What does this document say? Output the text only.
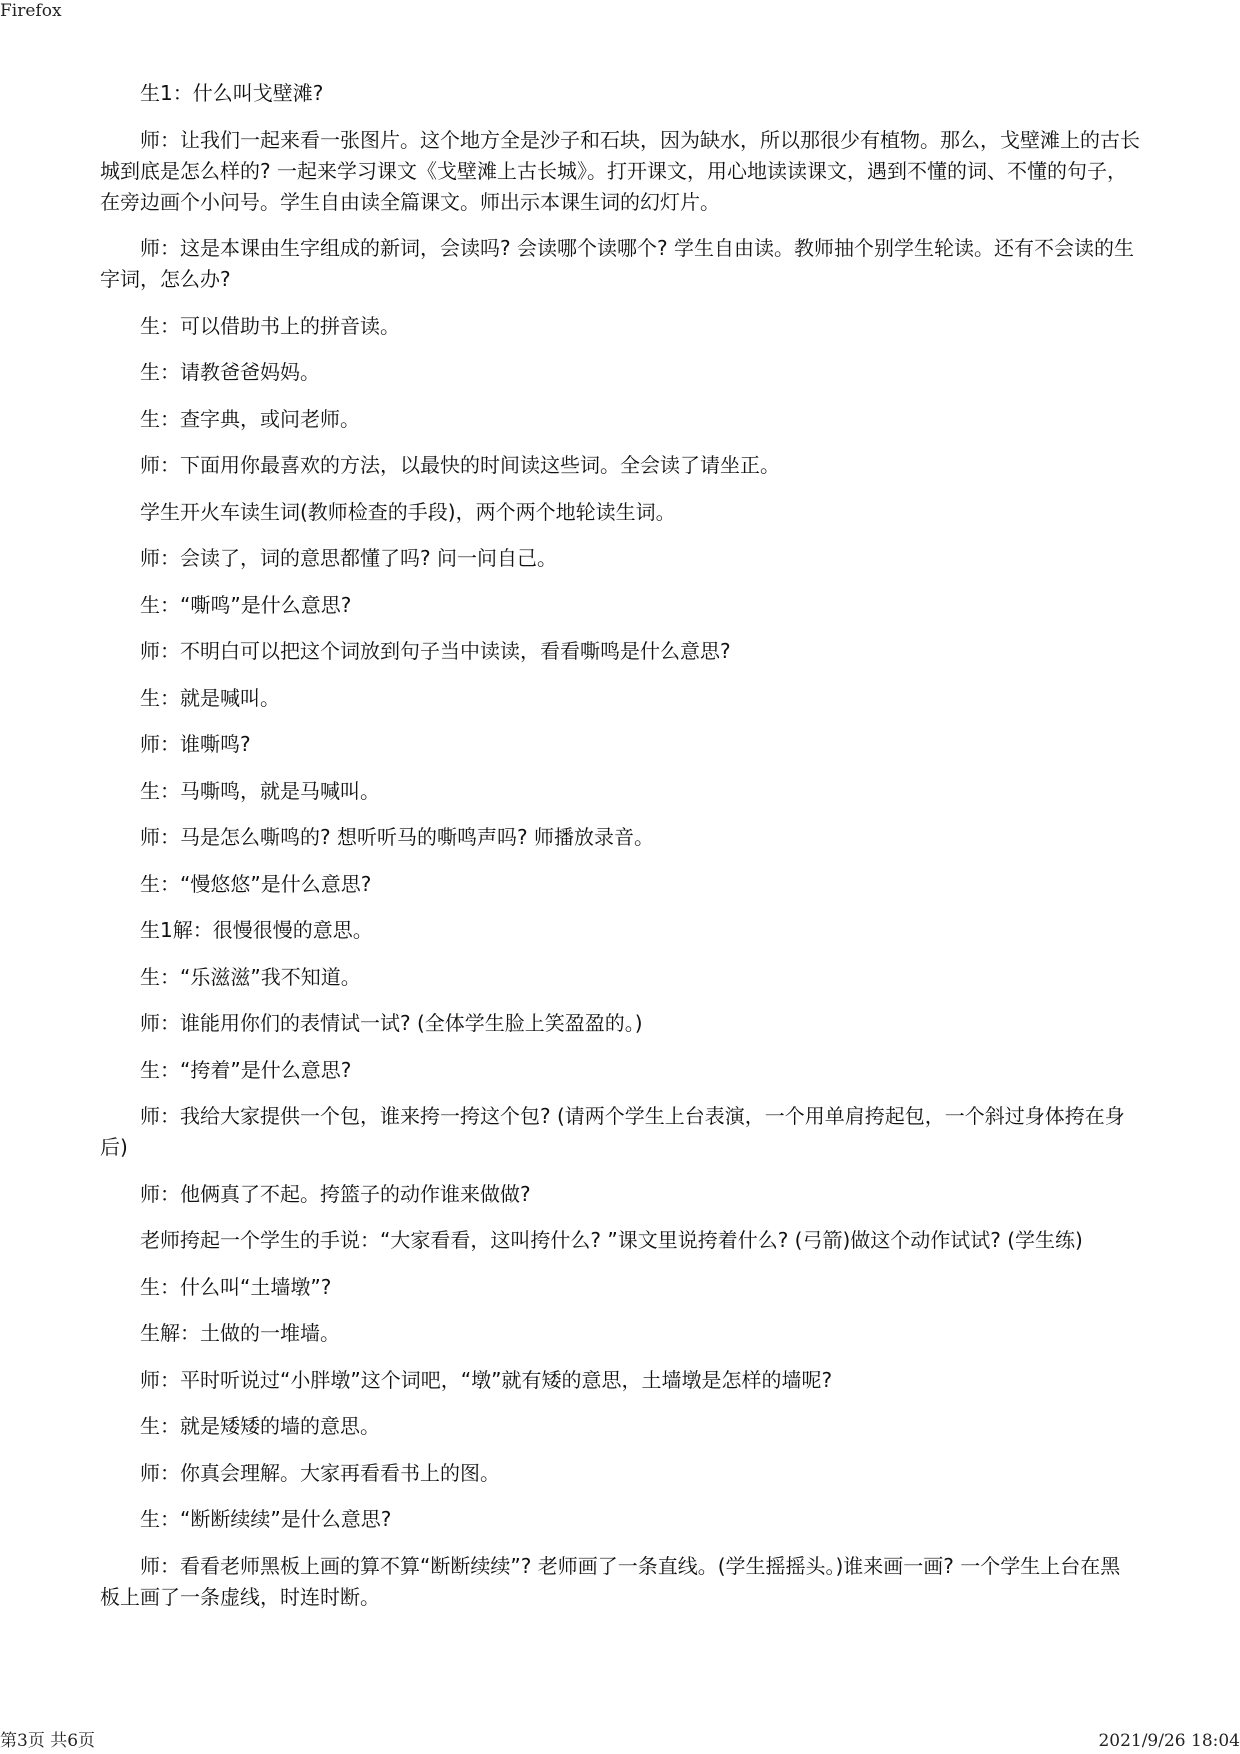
Firefox

生1：什么叫戈壁滩?

师：让我们一起来看一张图片。这个地方全是沙子和石块，因为缺水，所以那很少有植物。那么，戈壁滩上的古长城到底是怎么样的? 一起来学习课文《戈壁滩上古长城》。打开课文，用心地读读课文，遇到不懂的词、不懂的句子，在旁边画个小问号。学生自由读全篇课文。师出示本课生词的幻灯片。

师：这是本课由生字组成的新词，会读吗? 会读哪个读哪个? 学生自由读。教师抽个别学生轮读。还有不会读的生字词，怎么办?

生：可以借助书上的拼音读。

生：请教爸爸妈妈。

生：查字典，或问老师。

师：下面用你最喜欢的方法，以最快的时间读这些词。全会读了请坐正。

学生开火车读生词(教师检查的手段)，两个两个地轮读生词。

师：会读了，词的意思都懂了吗? 问一问自己。

生：“嘶鸣”是什么意思?

师：不明白可以把这个词放到句子当中读读，看看嘶鸣是什么意思?

生：就是喊叫。

师：谁嘶鸣?

生：马嘶鸣，就是马喊叫。

师：马是怎么嘶鸣的? 想听听马的嘶鸣声吗? 师播放录音。

生：“慢悠悠”是什么意思?

生1解：很慢很慢的意思。

生：“乐滋滋”我不知道。

师：谁能用你们的表情试一试? (全体学生脸上笑盈盈的。)

生：“挎着”是什么意思?

师：我给大家提供一个包，谁来挎一挎这个包? (请两个学生上台表演，一个用单肩挎起包，一个斜过身体挎在身后)

师：他俩真了不起。挎篮子的动作谁来做做?

老师挎起一个学生的手说：“大家看看，这叫挎什么? ”课文里说挎着什么? (弓箭)做这个动作试试? (学生练)

生：什么叫“土墙墩”?

生解：土做的一堆墙。

师：平时听说过“小胖墩”这个词吧，“墩”就有矮的意思，土墙墩是怎样的墙呢?

生：就是矮矮的墙的意思。

师：你真会理解。大家再看看书上的图。

生：“断断续续”是什么意思?

师：看看老师黑板上画的算不算“断断续续”? 老师画了一条直线。(学生摇摇头。)谁来画一画? 一个学生上台在黑板上画了一条虚线，时连时断。

第3页 共6页	2021/9/26 18:04
